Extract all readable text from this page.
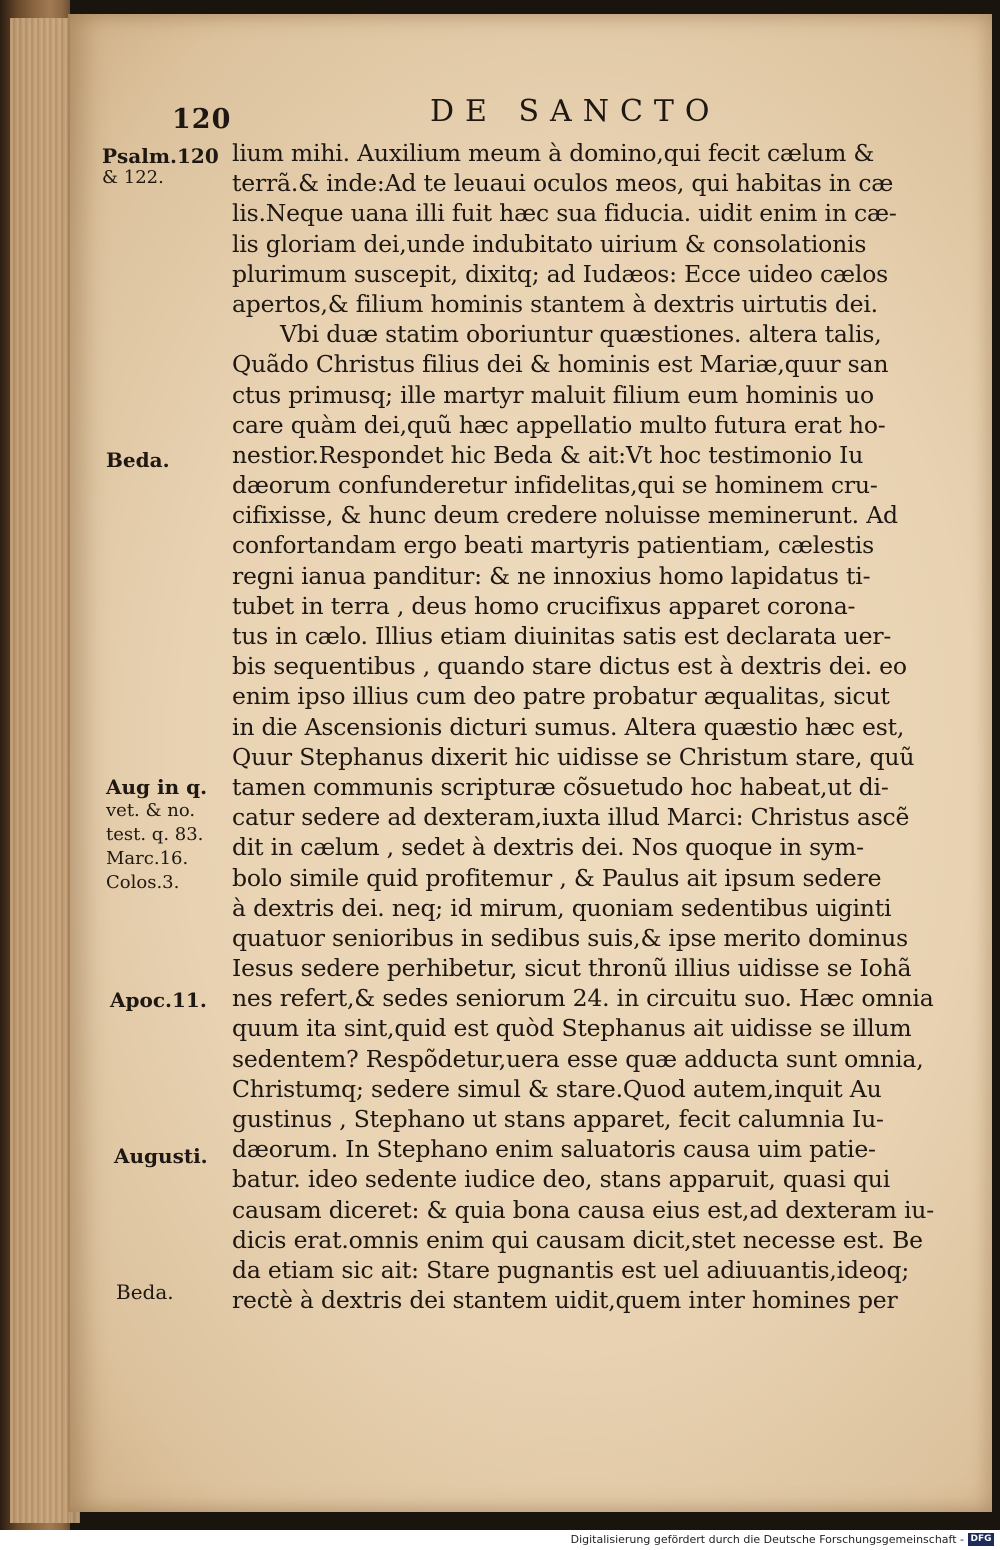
120	DE SANCTO
Psalm.120
& 122.
Beda.
Aug in q.
vet. & no.
test. q. 83.
Marc.16.
Colos.3.
Apoc.11.
Augusti.
Beda.
lium mihi. Auxilium meum à domino,qui fecit cælum &
terrã.& inde:Ad te leuaui oculos meos, qui habitas in cæ
lis.Neque uana illi fuit hæc sua fiducia. uidit enim in cæ-
lis gloriam dei,unde indubitato uirium & consolationis
plurimum suscepit, dixitq; ad Iudæos: Ecce uideo cælos
apertos,& filium hominis stantem à dextris uirtutis dei.
Vbi duæ statim oboriuntur quæstiones. altera talis,
Quãdo Christus filius dei & hominis est Mariæ,quur san
ctus primusq; ille martyr maluit filium eum hominis uo
care quàm dei,quũ hæc appellatio multo futura erat ho-
nestior.Respondet hic Beda & ait:Vt hoc testimonio Iu
dæorum confunderetur infidelitas,qui se hominem cru-
cifixisse, & hunc deum credere noluisse meminerunt. Ad
confortandam ergo beati martyris patientiam, cælestis
regni ianua panditur: & ne innoxius homo lapidatus ti-
tubet in terra , deus homo crucifixus apparet corona-
tus in cælo. Illius etiam diuinitas satis est declarata uer-
bis sequentibus , quando stare dictus est à dextris dei. eo
enim ipso illius cum deo patre probatur æqualitas, sicut
in die Ascensionis dicturi sumus. Altera quæstio hæc est,
Quur Stephanus dixerit hic uidisse se Christum stare, quũ
tamen communis scripturæ cõsuetudo hoc habeat,ut di-
catur sedere ad dexteram,iuxta illud Marci: Christus ascẽ
dit in cælum , sedet à dextris dei. Nos quoque in sym-
bolo simile quid profitemur , & Paulus ait ipsum sedere
à dextris dei. neq; id mirum, quoniam sedentibus uiginti
quatuor senioribus in sedibus suis,& ipse merito dominus
Iesus sedere perhibetur, sicut thronũ illius uidisse se Iohã
nes refert,& sedes seniorum 24. in circuitu suo. Hæc omnia
quum ita sint,quid est quòd Stephanus ait uidisse se illum
sedentem? Respõdetur,uera esse quæ adducta sunt omnia,
Christumq; sedere simul & stare.Quod autem,inquit Au
gustinus , Stephano ut stans apparet, fecit calumnia Iu-
dæorum. In Stephano enim saluatoris causa uim patie-
batur. ideo sedente iudice deo, stans apparuit, quasi qui
causam diceret: & quia bona causa eius est,ad dexteram iu-
dicis erat.omnis enim qui causam dicit,stet necesse est. Be
da etiam sic ait: Stare pugnantis est uel adiuuantis,ideoq;
rectè à dextris dei stantem uidit,quem inter homines per
Digitalisierung gefördert durch die Deutsche Forschungsgemeinschaft - DFG
